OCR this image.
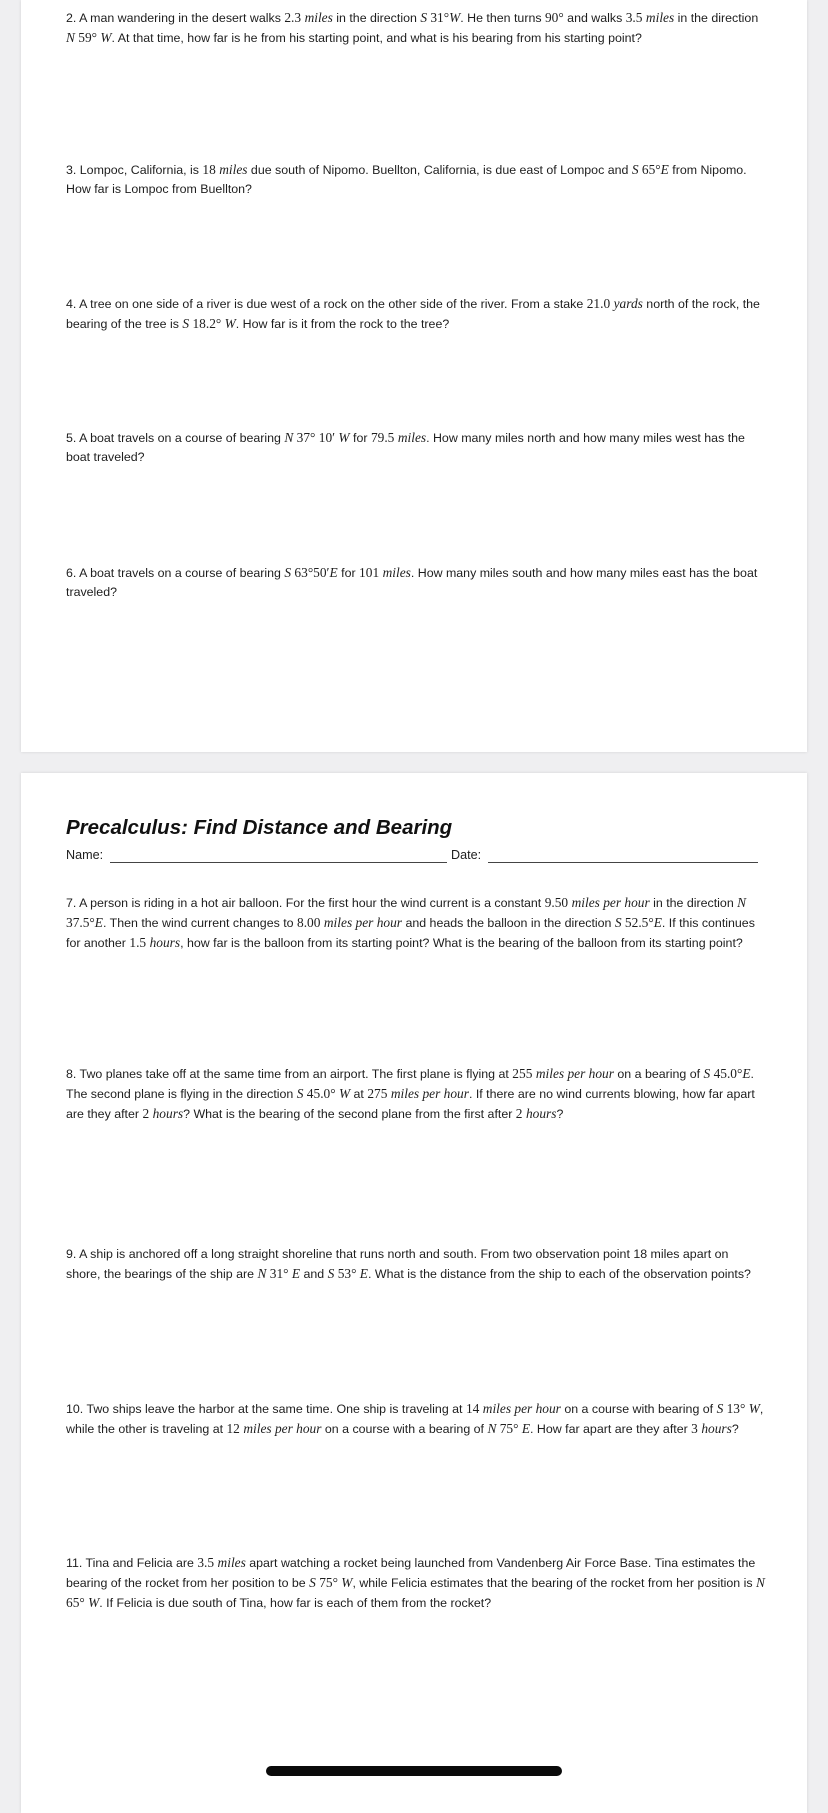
2. A man wandering in the desert walks 2.3 miles in the direction S 31°W. He then turns 90° and walks 3.5 miles in the direction N 59° W. At that time, how far is he from his starting point, and what is his bearing from his starting point?

3. Lompoc, California, is 18 miles due south of Nipomo. Buellton, California, is due east of Lompoc and S 65°E from Nipomo. How far is Lompoc from Buellton?

4. A tree on one side of a river is due west of a rock on the other side of the river. From a stake 21.0 yards north of the rock, the bearing of the tree is S 18.2° W. How far is it from the rock to the tree?

5. A boat travels on a course of bearing N 37° 10′ W for 79.5 miles. How many miles north and how many miles west has the boat traveled?

6. A boat travels on a course of bearing S 63°50′E for 101 miles. How many miles south and how many miles east has the boat traveled?

Precalculus: Find Distance and Bearing
Name:	Date:

7. A person is riding in a hot air balloon. For the first hour the wind current is a constant 9.50 miles per hour in the direction N 37.5°E. Then the wind current changes to 8.00 miles per hour and heads the balloon in the direction S 52.5°E. If this continues for another 1.5 hours, how far is the balloon from its starting point? What is the bearing of the balloon from its starting point?

8. Two planes take off at the same time from an airport. The first plane is flying at 255 miles per hour on a bearing of S 45.0°E. The second plane is flying in the direction S 45.0° W at 275 miles per hour. If there are no wind currents blowing, how far apart are they after 2 hours? What is the bearing of the second plane from the first after 2 hours?

9. A ship is anchored off a long straight shoreline that runs north and south. From two observation point 18 miles apart on shore, the bearings of the ship are N 31° E and S 53° E. What is the distance from the ship to each of the observation points?

10. Two ships leave the harbor at the same time. One ship is traveling at 14 miles per hour on a course with bearing of S 13° W, while the other is traveling at 12 miles per hour on a course with a bearing of N 75° E. How far apart are they after 3 hours?

11. Tina and Felicia are 3.5 miles apart watching a rocket being launched from Vandenberg Air Force Base. Tina estimates the bearing of the rocket from her position to be S 75° W, while Felicia estimates that the bearing of the rocket from her position is N 65° W. If Felicia is due south of Tina, how far is each of them from the rocket?
